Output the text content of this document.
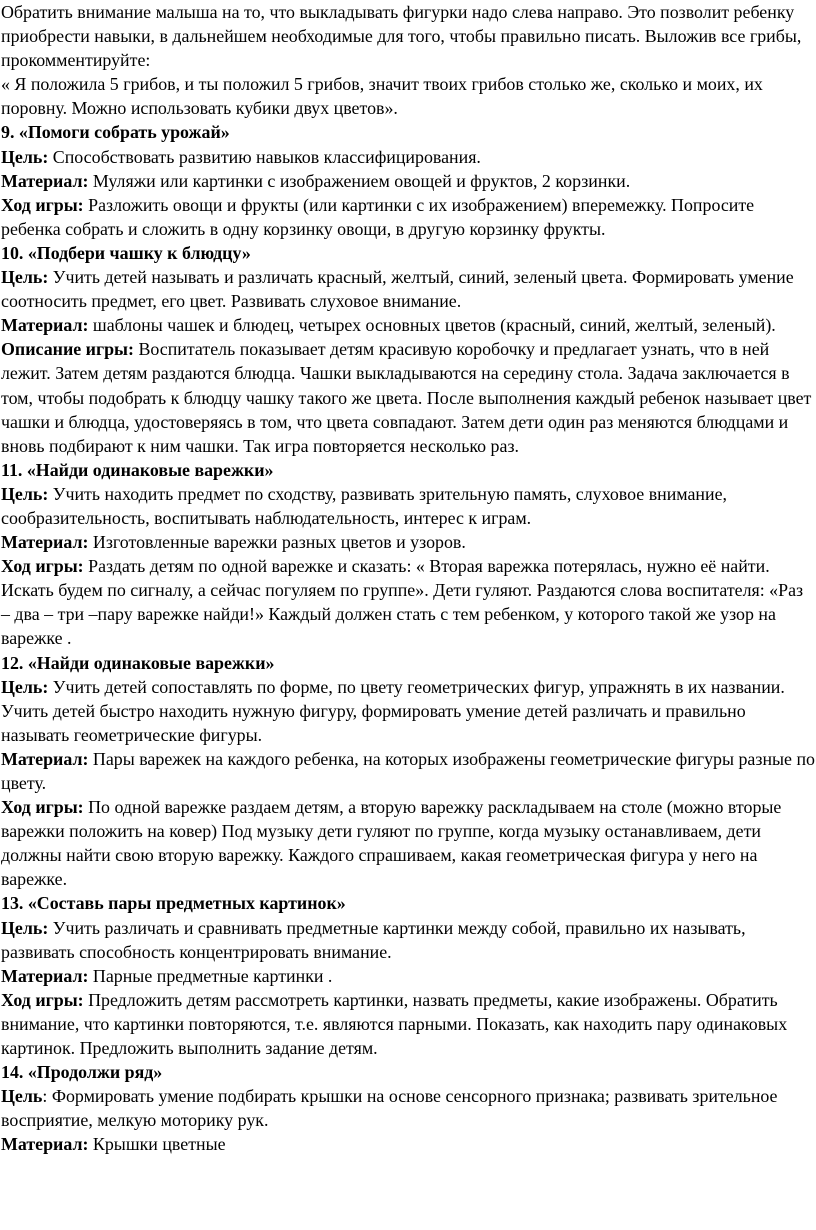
Обратить внимание малыша на то, что выкладывать фигурки надо слева направо. Это позволит ребенку приобрести навыки, в дальнейшем необходимые для того, чтобы правильно писать. Выложив все грибы, прокомментируйте:

« Я положила 5 грибов, и ты положил 5 грибов, значит твоих грибов столько же, сколько и моих, их поровну. Можно использовать кубики двух цветов».

9. «Помоги собрать урожай»

Цель: Способствовать развитию навыков классифицирования.

Материал: Муляжи или картинки с изображением овощей и фруктов, 2 корзинки.

Ход игры: Разложить овощи и фрукты (или картинки с их изображением) вперемежку. Попросите ребенка собрать и сложить в одну корзинку овощи, в другую корзинку фрукты.

10. «Подбери чашку к блюдцу»

Цель: Учить детей называть и различать красный, желтый, синий, зеленый цвета. Формировать умение соотносить предмет, его цвет. Развивать слуховое внимание.

Материал: шаблоны чашек и блюдец, четырех основных цветов (красный, синий, желтый, зеленый).

Описание игры: Воспитатель показывает детям красивую коробочку и предлагает узнать, что в ней лежит. Затем детям раздаются блюдца. Чашки выкладываются на середину стола. Задача заключается в том, чтобы подобрать к блюдцу чашку такого же цвета. После выполнения каждый ребенок называет цвет чашки и блюдца, удостоверяясь в том, что цвета совпадают. Затем дети один раз меняются блюдцами и вновь подбирают к ним чашки. Так игра повторяется несколько раз.

11. «Найди одинаковые варежки»

Цель: Учить находить предмет по сходству, развивать зрительную память, слуховое внимание, сообразительность, воспитывать наблюдательность, интерес к играм.

Материал: Изготовленные варежки разных цветов и узоров.

Ход игры: Раздать детям по одной варежке и сказать: « Вторая варежка потерялась, нужно её найти. Искать будем по сигналу, а сейчас погуляем по группе». Дети гуляют. Раздаются слова воспитателя: «Раз – два – три –пару варежке найди!» Каждый должен стать с тем ребенком, у которого такой же узор на варежке .

12. «Найди одинаковые варежки»

Цель: Учить детей сопоставлять по форме, по цвету геометрических фигур, упражнять в их названии. Учить детей быстро находить нужную фигуру, формировать умение детей различать и правильно называть геометрические фигуры.

Материал: Пары варежек на каждого ребенка, на которых изображены геометрические фигуры разные по цвету.

Ход игры: По одной варежке раздаем детям, а вторую варежку раскладываем на столе (можно вторые варежки положить на ковер) Под музыку дети гуляют по группе, когда музыку останавливаем, дети должны найти свою вторую варежку. Каждого спрашиваем, какая геометрическая фигура у него на варежке.

13. «Составь пары предметных картинок»

Цель: Учить различать и сравнивать предметные картинки между собой, правильно их называть, развивать способность концентрировать внимание.

Материал: Парные предметные картинки .

Ход игры: Предложить детям рассмотреть картинки, назвать предметы, какие изображены. Обратить внимание, что картинки повторяются, т.е. являются парными. Показать, как находить пару одинаковых картинок. Предложить выполнить задание детям.

14. «Продолжи ряд»

Цель: Формировать умение подбирать крышки на основе сенсорного признака; развивать зрительное восприятие, мелкую моторику рук.

Материал: Крышки цветные
